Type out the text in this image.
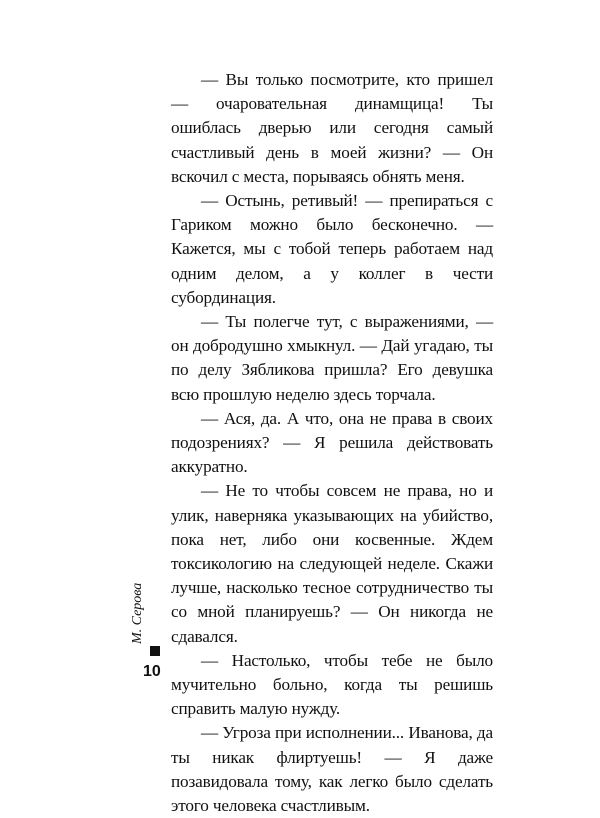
— Вы только посмотрите, кто пришел — очаровательная динамщица! Ты ошиблась дверью или сегодня самый счастливый день в моей жизни? — Он вскочил с места, порываясь обнять меня.

— Остынь, ретивый! — препираться с Гариком можно было бесконечно. — Кажется, мы с тобой теперь работаем над одним делом, а у коллег в чести субординация.

— Ты полегче тут, с выражениями, — он добродушно хмыкнул. — Дай угадаю, ты по делу Зябликова пришла? Его девушка всю прошлую неделю здесь торчала.

— Ася, да. А что, она не права в своих подозрениях? — Я решила действовать аккуратно.

— Не то чтобы совсем не права, но и улик, наверняка указывающих на убийство, пока нет, либо они косвенные. Ждем токсикологию на следующей неделе. Скажи лучше, насколько тесное сотрудничество ты со мной планируешь? — Он никогда не сдавался.

— Настолько, чтобы тебе не было мучительно больно, когда ты решишь справить малую нужду.

— Угроза при исполнении... Иванова, да ты никак флиртуешь! — Я даже позавидовала тому, как легко было сделать этого человека счастливым.

М. Серова
10
